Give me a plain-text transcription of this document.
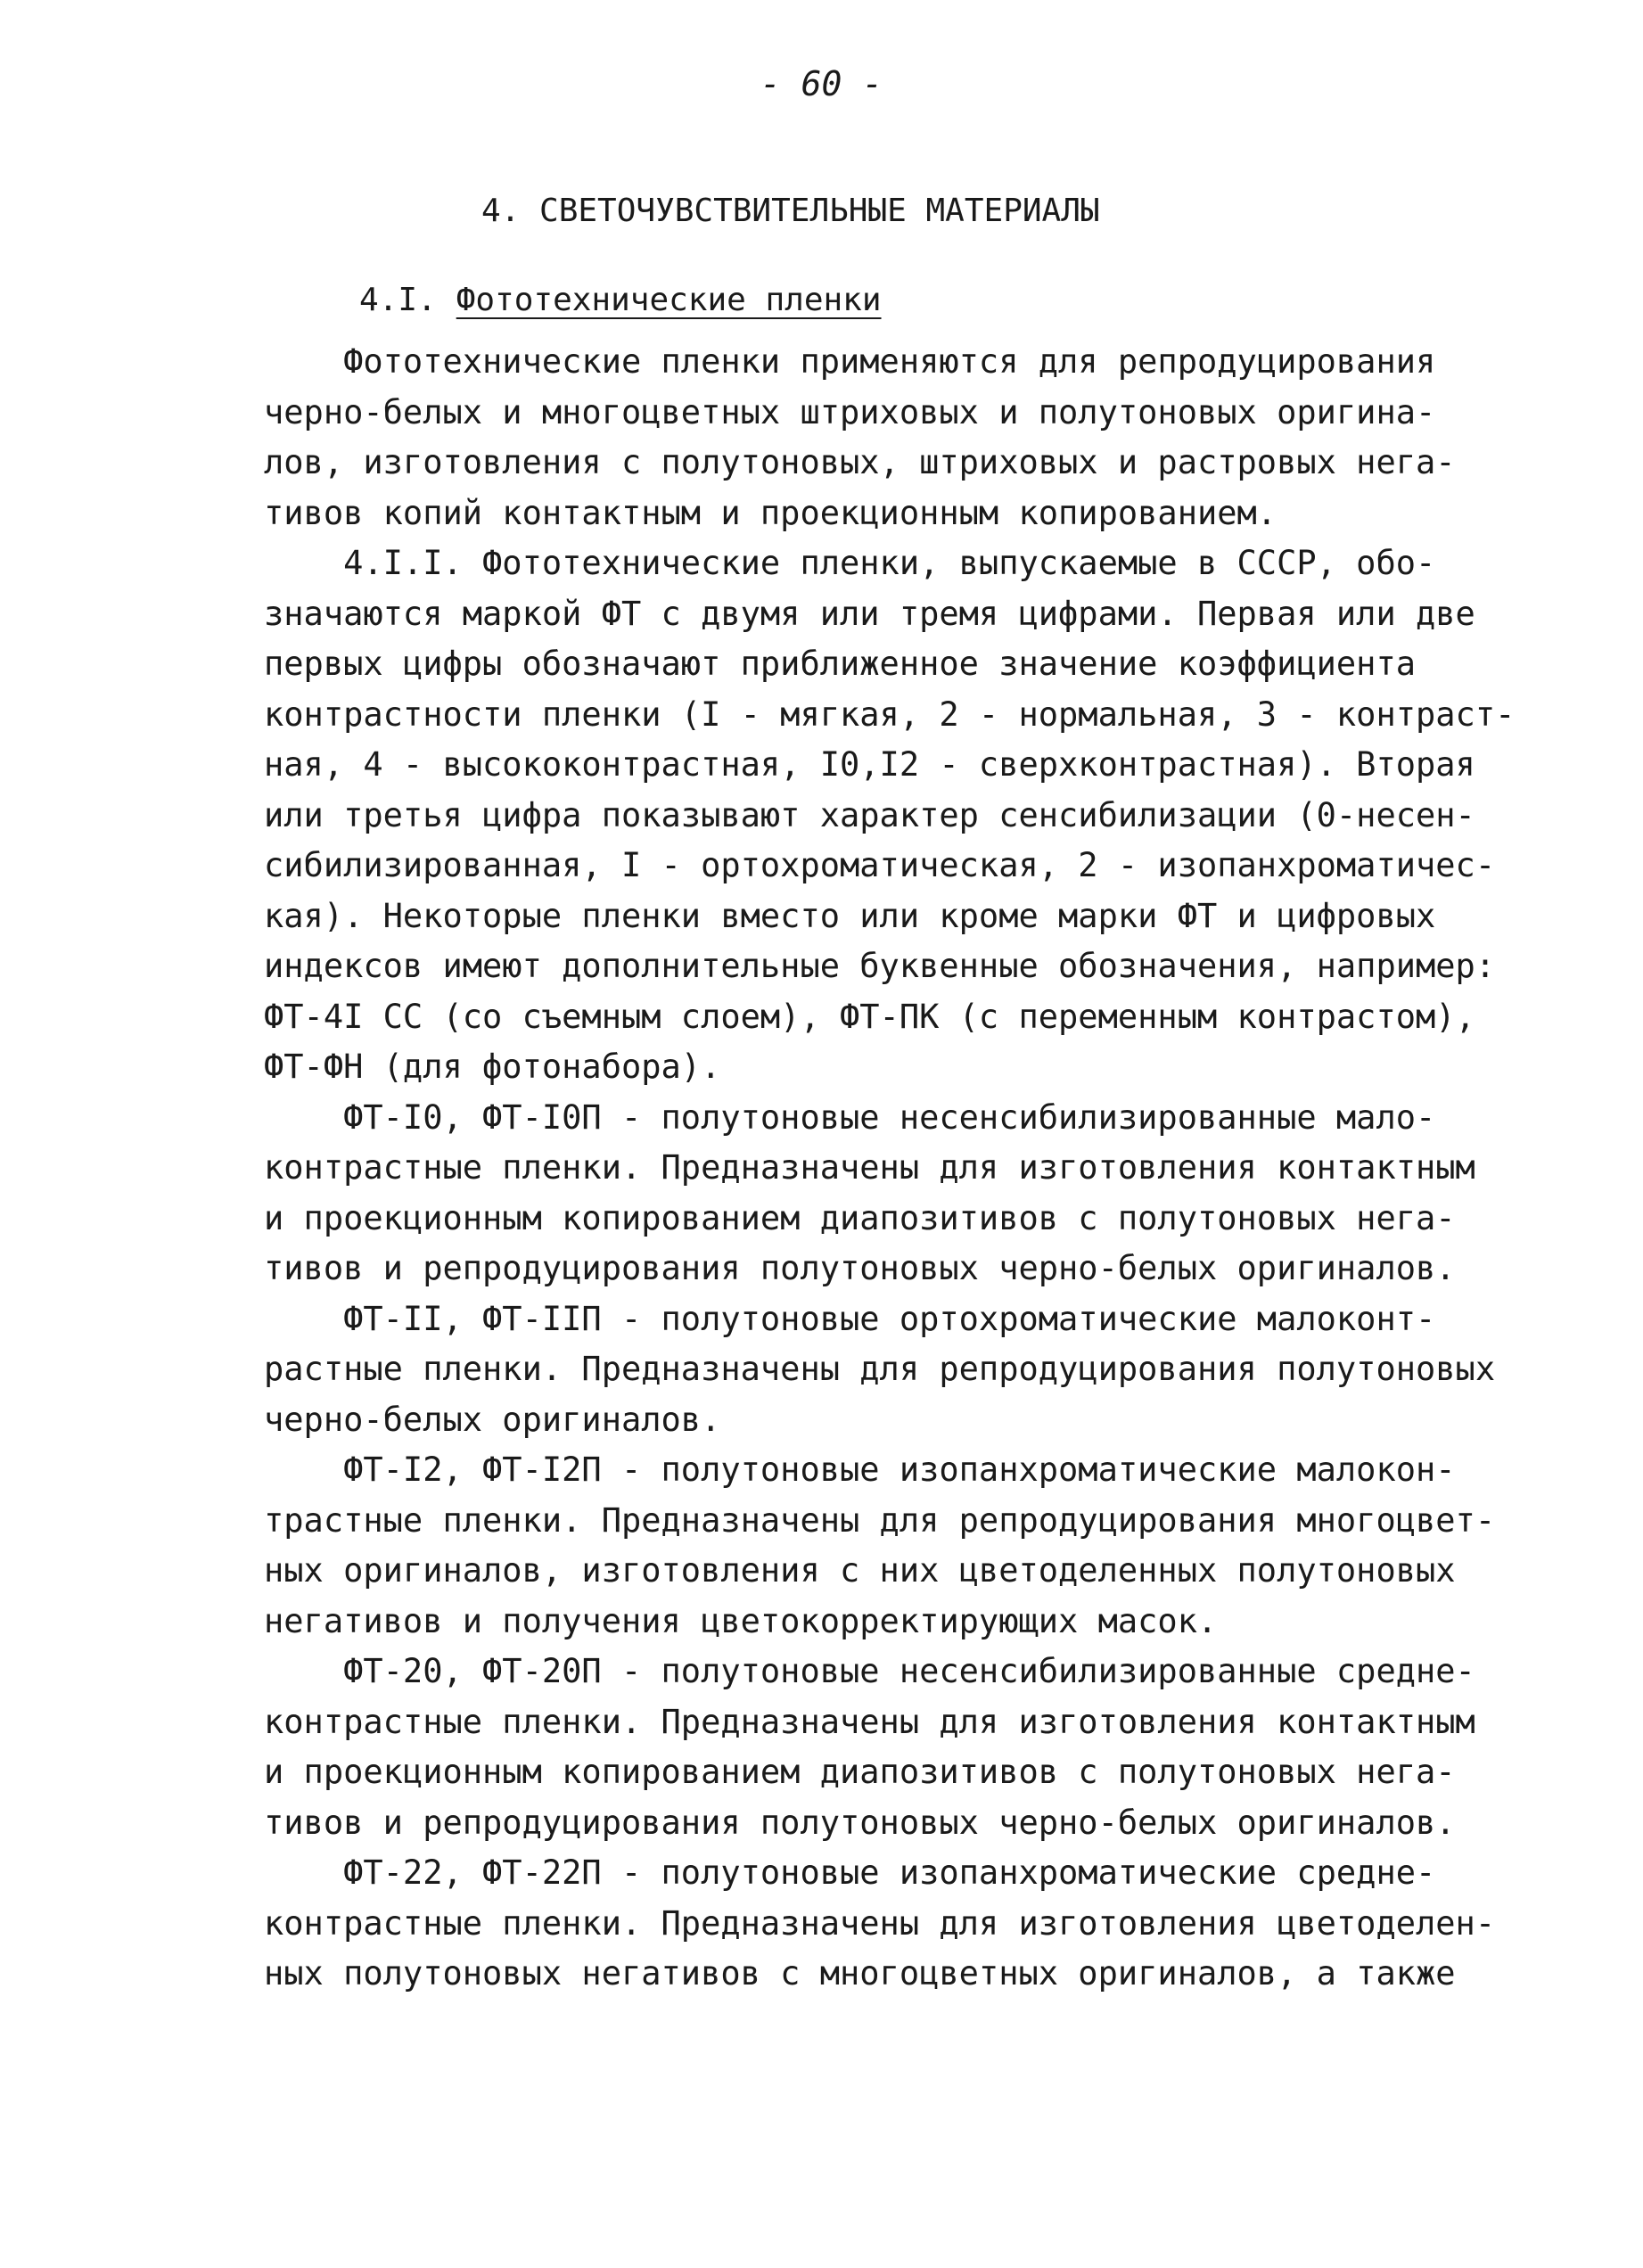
- 60 -
4. СВЕТОЧУВСТВИТЕЛЬНЫЕ МАТЕРИАЛЫ
4.I. Фототехнические пленки
Фототехнические пленки применяются для репродуцирования
черно-белых и многоцветных штриховых и полутоновых оригина-
лов, изготовления с полутоновых, штриховых и растровых нега-
тивов копий контактным и проекционным копированием.
4.I.I. Фототехнические пленки, выпускаемые в СССР, обо-
значаются маркой ФТ с двумя или тремя цифрами. Первая или две
первых цифры обозначают приближенное значение коэффициента
контрастности пленки (I - мягкая, 2 - нормальная, 3 - контраст-
ная, 4 - высококонтрастная, I0,I2 - сверхконтрастная). Вторая
или третья цифра показывают характер сенсибилизации (0-несен-
сибилизированная, I - ортохроматическая, 2 - изопанхроматичес-
кая). Некоторые пленки вместо или кроме марки ФТ и цифровых
индексов имеют дополнительные буквенные обозначения, например:
ФТ-4I СС (со съемным слоем), ФТ-ПК (с переменным контрастом),
ФТ-ФН (для фотонабора).
ФТ-I0, ФТ-I0П - полутоновые несенсибилизированные мало-
контрастные пленки. Предназначены для изготовления контактным
и проекционным копированием диапозитивов с полутоновых нега-
тивов и репродуцирования полутоновых черно-белых оригиналов.
ФТ-II, ФТ-IIП - полутоновые ортохроматические малоконт-
растные пленки. Предназначены для репродуцирования полутоновых
черно-белых оригиналов.
ФТ-I2, ФТ-I2П - полутоновые изопанхроматические малокон-
трастные пленки. Предназначены для репродуцирования многоцвет-
ных оригиналов, изготовления с них цветоделенных полутоновых
негативов и получения цветокорректирующих масок.
ФТ-20, ФТ-20П - полутоновые несенсибилизированные средне-
контрастные пленки. Предназначены для изготовления контактным
и проекционным копированием диапозитивов с полутоновых нега-
тивов и репродуцирования полутоновых черно-белых оригиналов.
ФТ-22, ФТ-22П - полутоновые изопанхроматические средне-
контрастные пленки. Предназначены для изготовления цветоделен-
ных полутоновых негативов с многоцветных оригиналов, а также
